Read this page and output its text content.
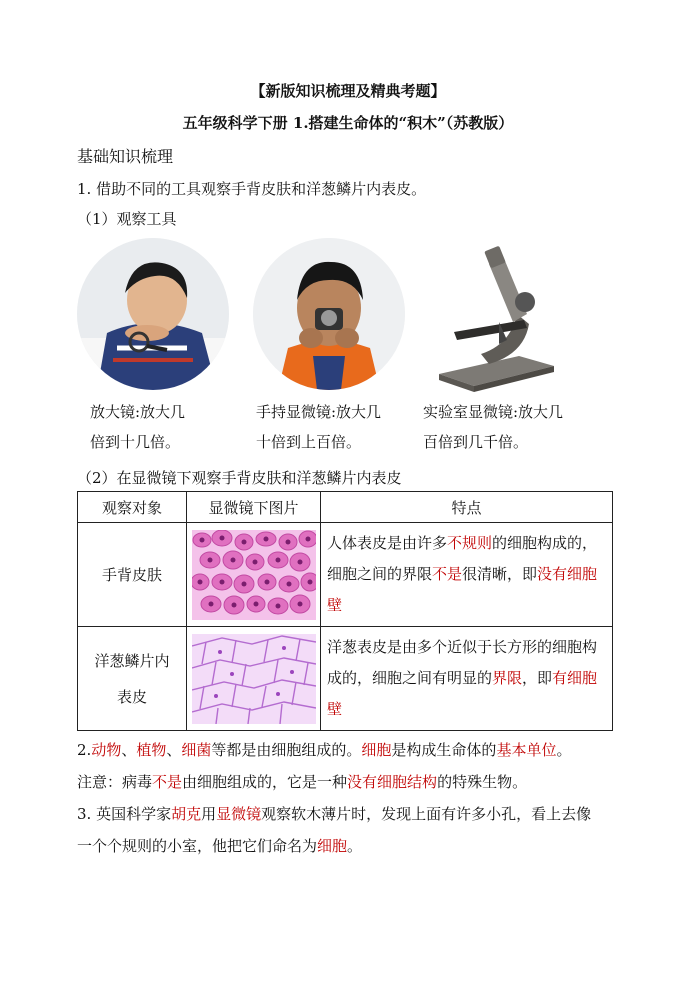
【新版知识梳理及精典考题】
五年级科学下册 1.搭建生命体的“积木”（苏教版）
基础知识梳理
1. 借助不同的工具观察手背皮肤和洋葱鳞片内表皮。
（1）观察工具
放大镜:放大几
倍到十几倍。
手持显微镜:放大几
十倍到上百倍。
实验室显微镜:放大几
百倍到几千倍。
（2）在显微镜下观察手背皮肤和洋葱鳞片内表皮
观察对象	显微镜下图片	特点
手背皮肤		人体表皮是由许多不规则的细胞构成的，细胞之间的界限不是很清晰，即没有细胞壁

洋葱鳞片内
表皮		洋葱表皮是由多个近似于长方形的细胞构成的，细胞之间有明显的界限，即有细胞壁
2.动物、植物、细菌等都是由细胞组成的。细胞是构成生命体的基本单位。
注意：病毒不是由细胞组成的，它是一种没有细胞结构的特殊生物。
3. 英国科学家胡克用显微镜观察软木薄片时，发现上面有许多小孔，看上去像
一个个规则的小室，他把它们命名为细胞。
